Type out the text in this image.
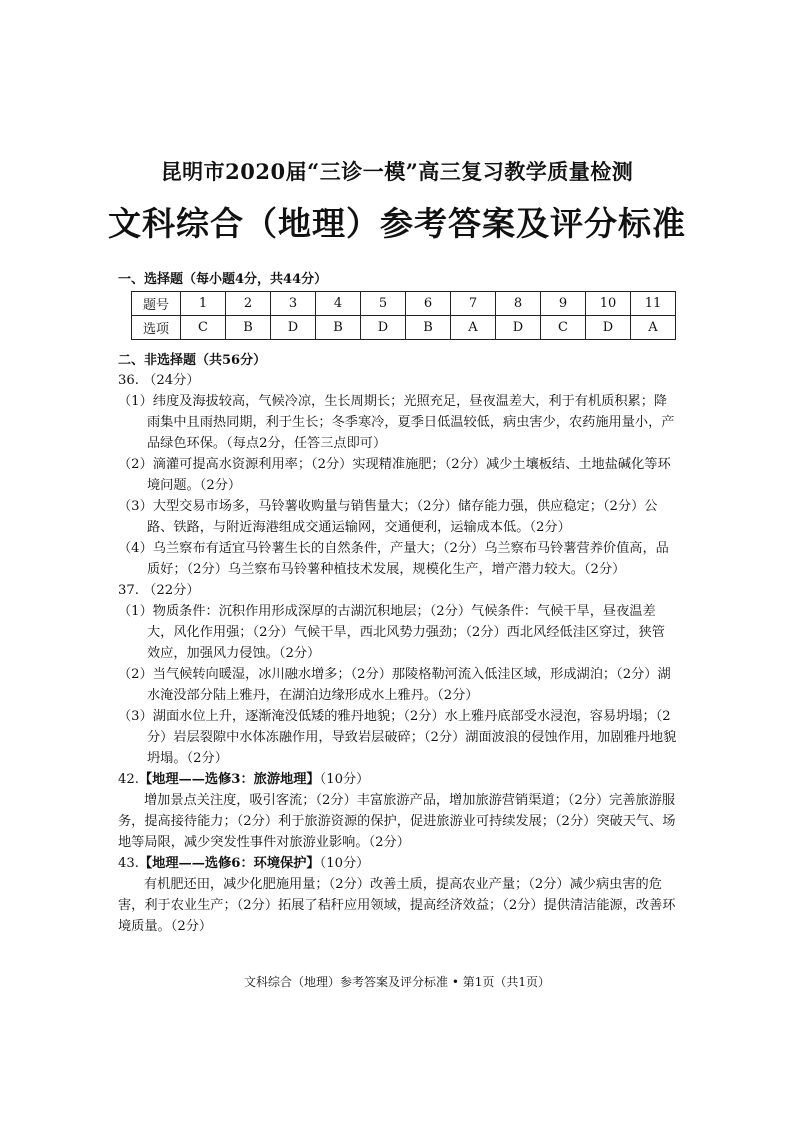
昆明市2020届“三诊一模”高三复习教学质量检测
文科综合（地理）参考答案及评分标准
一、选择题（每小题4分，共44分）
题号	1	2	3	4	5	6	7	8	9	10	11
选项	C	B	D	B	D	B	A	D	C	D	A
二、非选择题（共56分）
36. （24分）
（1）纬度及海拔较高，气候冷凉，生长周期长；光照充足，昼夜温差大，利于有机质积累；降雨集中且雨热同期，利于生长；冬季寒冷，夏季日低温较低，病虫害少，农药施用量小，产品绿色环保。（每点2分，任答三点即可）
（2）滴灌可提高水资源利用率；（2分）实现精准施肥；（2分）减少土壤板结、土地盐碱化等环境问题。（2分）
（3）大型交易市场多，马铃薯收购量与销售量大；（2分）储存能力强，供应稳定；（2分）公路、铁路，与附近海港组成交通运输网，交通便利，运输成本低。（2分）
（4）乌兰察布有适宜马铃薯生长的自然条件，产量大；（2分）乌兰察布马铃薯营养价值高，品质好；（2分）乌兰察布马铃薯种植技术发展，规模化生产，增产潜力较大。（2分）
37. （22分）
（1）物质条件：沉积作用形成深厚的古湖沉积地层；（2分）气候条件：气候干旱，昼夜温差大，风化作用强；（2分）气候干旱，西北风势力强劲；（2分）西北风经低洼区穿过，狭管效应，加强风力侵蚀。（2分）
（2）当气候转向暖湿，冰川融水增多；（2分）那陵格勒河流入低洼区域，形成湖泊；（2分）湖水淹没部分陆上雅丹，在湖泊边缘形成水上雅丹。（2分）
（3）湖面水位上升，逐渐淹没低矮的雅丹地貌；（2分）水上雅丹底部受水浸泡，容易坍塌；（2分）岩层裂隙中水体冻融作用，导致岩层破碎；（2分）湖面波浪的侵蚀作用，加剧雅丹地貌坍塌。（2分）
42.【地理——选修3：旅游地理】（10分）
增加景点关注度，吸引客流；（2分）丰富旅游产品，增加旅游营销渠道；（2分）完善旅游服务，提高接待能力；（2分）利于旅游资源的保护，促进旅游业可持续发展；（2分）突破天气、场地等局限，减少突发性事件对旅游业影响。（2分）
43.【地理——选修6：环境保护】（10分）
有机肥还田，减少化肥施用量；（2分）改善土质，提高农业产量；（2分）减少病虫害的危害，利于农业生产；（2分）拓展了秸秆应用领域，提高经济效益；（2分）提供清洁能源，改善环境质量。（2分）
文科综合（地理）参考答案及评分标准 • 第1页（共1页）
